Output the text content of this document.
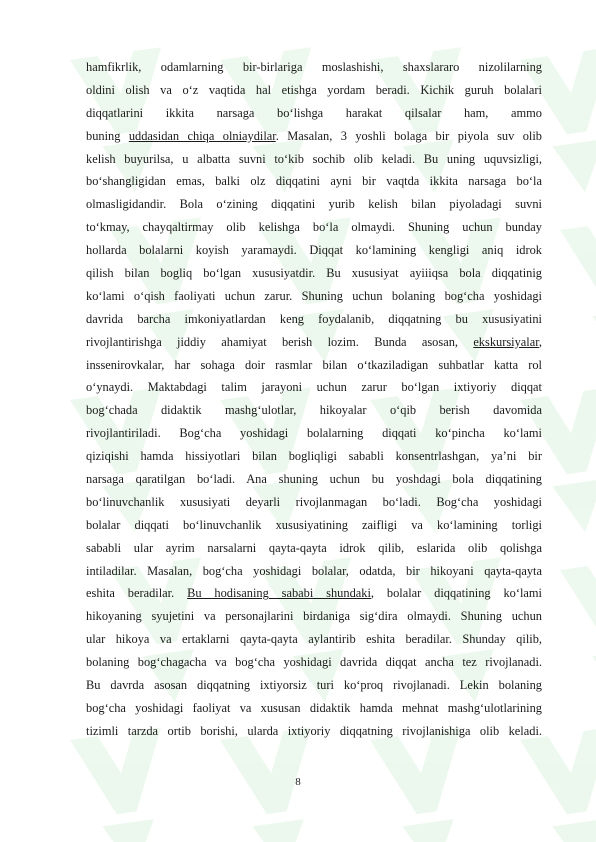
hamfikrlik, odamlarning bir-birlariga moslashishi, shaxslararo nizolilarning
oldini olish va o‘z vaqtida hal etishga yordam beradi. Kichik guruh bolalari
diqqatlarini ikkita narsaga bo‘lishga harakat qilsalar ham, ammo
buning uddasidan chiqa olniaydilar. Masalan, 3 yoshli bolaga bir piyola suv olib
kelish buyurilsa, u albatta suvni to‘kib sochib olib keladi. Bu uning uquvsizligi,
bo‘shangligidan emas, balki olz diqqatini ayni bir vaqtda ikkita narsaga bo‘la
olmasligidandir. Bola o‘zining diqqatini yurib kelish bilan piyoladagi suvni
to‘kmay, chayqaltirmay olib kelishga bo‘la olmaydi. Shuning uchun bunday
hollarda bolalarni koyish yaramaydi. Diqqat ko‘lamining kengligi aniq idrok
qilish bilan bogliq bo‘lgan xususiyatdir. Bu xususiyat ayiiiqsa bola diqqatinig
ko‘lami o‘qish faoliyati uchun zarur. Shuning uchun bolaning bog‘cha yoshidagi
davrida barcha imkoniyatlardan keng foydalanib, diqqatning bu xususiyatini
rivojlantirishga jiddiy ahamiyat berish lozim. Bunda asosan, ekskursiyalar,
inssenirovkalar, har sohaga doir rasmlar bilan o‘tkaziladigan suhbatlar katta rol
o‘ynaydi. Maktabdagi talim jarayoni uchun zarur bo‘lgan ixtiyoriy diqqat
bog‘chada didaktik mashg‘ulotlar, hikoyalar o‘qib berish davomida
rivojlantiriladi. Bog‘cha yoshidagi bolalarning diqqati ko‘pincha ko‘lami
qiziqishi hamda hissiyotlari bilan bogliqligi sababli konsentrlashgan, ya’ni bir
narsaga qaratilgan bo‘ladi. Ana shuning uchun bu yoshdagi bola diqqatining
bo‘linuvchanlik xususiyati deyarli rivojlanmagan bo‘ladi. Bog‘cha yoshidagi
bolalar diqqati bo‘linuvchanlik xususiyatining zaifligi va ko‘lamining torligi
sababli ular ayrim narsalarni qayta-qayta idrok qilib, eslarida olib qolishga
intiladilar. Masalan, bog‘cha yoshidagi bolalar, odatda, bir hikoyani qayta-qayta
eshita beradilar. Bu hodisaning sababi shundaki, bolalar diqqatining ko‘lami
hikoyaning syujetini va personajlarini birdaniga sig‘dira olmaydi. Shuning uchun
ular hikoya va ertaklarni qayta-qayta aylantirib eshita beradilar. Shunday qilib,
bolaning bog‘chagacha va bog‘cha yoshidagi davrida diqqat ancha tez rivojlanadi.
Bu davrda asosan diqqatning ixtiyorsiz turi ko‘proq rivojlanadi. Lekin bolaning
bog‘cha yoshidagi faoliyat va xususan didaktik hamda mehnat mashg‘ulotlarining
tizimli tarzda ortib borishi, ularda ixtiyoriy diqqatning rivojlanishiga olib keladi.
8
